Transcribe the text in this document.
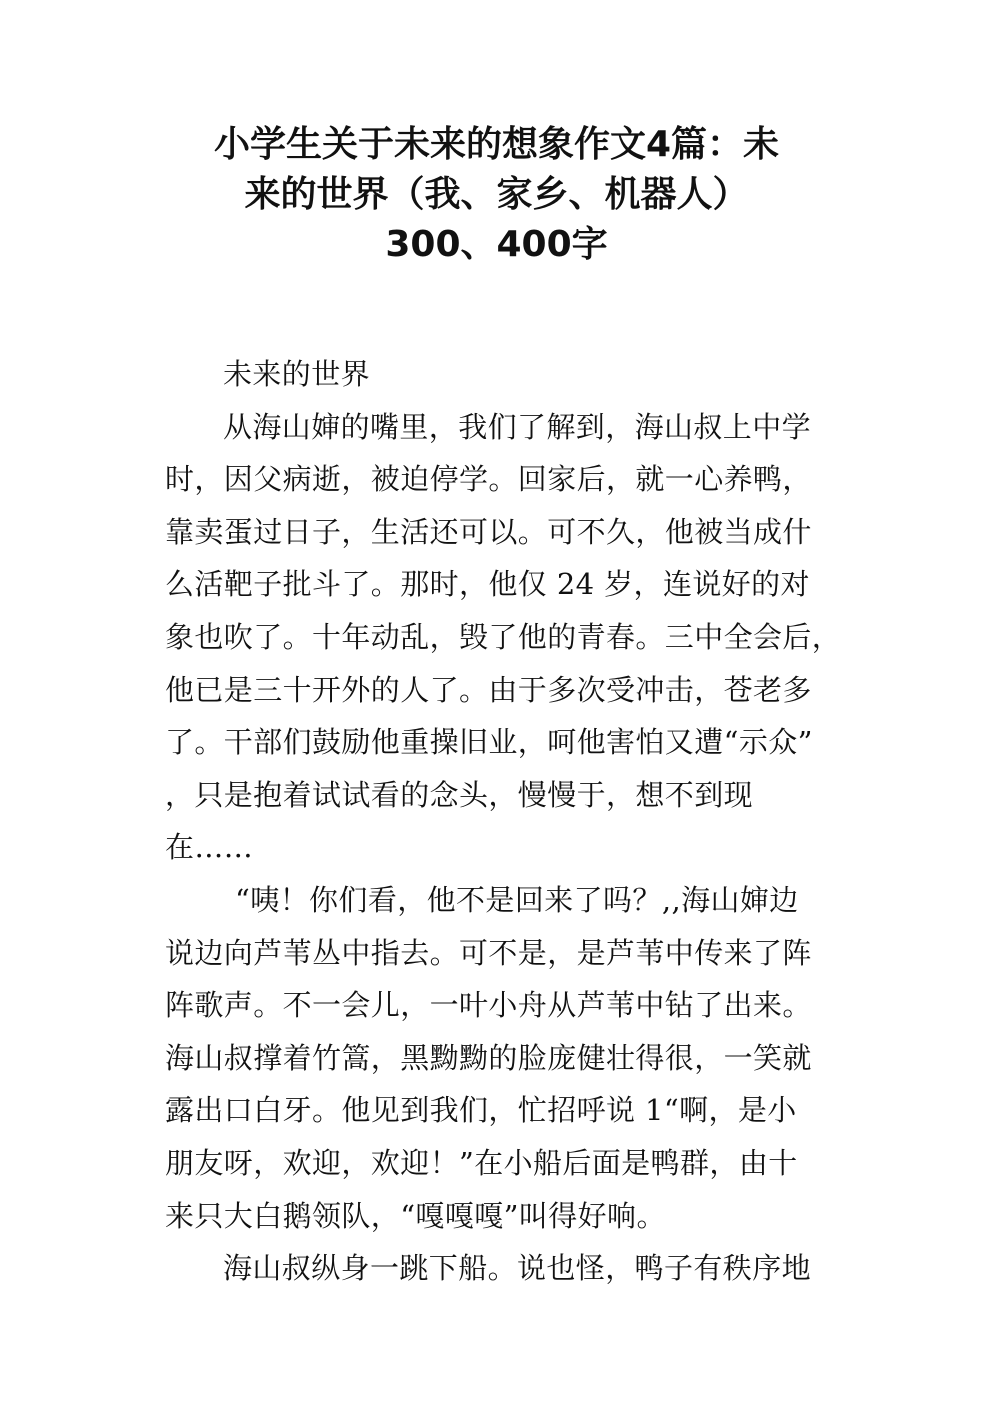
小学生关于未来的想象作文4篇：未
来的世界（我、家乡、机器人）
300、400字
未来的世界
从海山婶的嘴里，我们了解到，海山叔上中学
时，因父病逝，被迫停学。回家后，就一心养鸭，
靠卖蛋过日子，生活还可以。可不久，他被当成什
么活靶子批斗了。那时，他仅 24 岁，连说好的对
象也吹了。十年动乱，毁了他的青春。三中全会后，
他已是三十开外的人了。由于多次受冲击，苍老多
了。干部们鼓励他重操旧业，呵他害怕又遭“示众”
，只是抱着试试看的念头，慢慢于，想不到现
在……
“咦！你们看，他不是回来了吗？,,海山婶边
说边向芦苇丛中指去。可不是，是芦苇中传来了阵
阵歌声。不一会儿，一叶小舟从芦苇中钻了出来。
海山叔撑着竹篙，黑黝黝的脸庞健壮得很，一笑就
露出口白牙。他见到我们，忙招呼说 1“啊，是小
朋友呀，欢迎，欢迎！”在小船后面是鸭群，由十
来只大白鹅领队，“嘎嘎嘎”叫得好响。
海山叔纵身一跳下船。说也怪，鸭子有秩序地
